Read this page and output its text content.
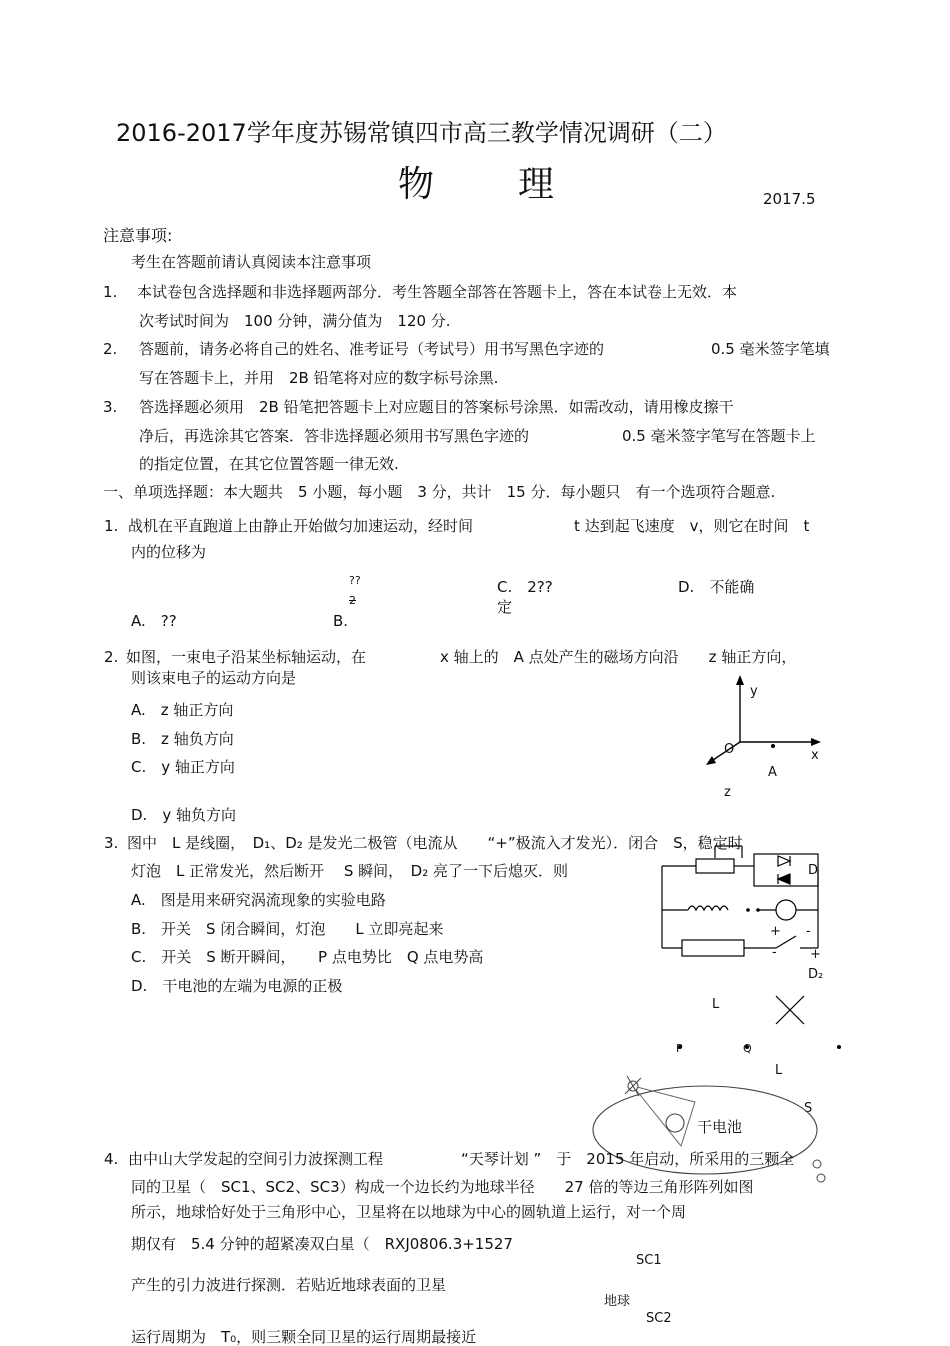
2016-2017学年度苏锡常镇四市高三教学情况调研（二）
物 理	2017.5
注意事项:
考生在答题前请认真阅读本注意事项
1. 本试卷包含选择题和非选择题两部分．考生答题全部答在答题卡上，答在本试卷上无效．本
次考试时间为　100 分钟，满分值为　120 分.
2. 答题前，请务必将自己的姓名、准考证号（考试号）用书写黑色字迹的	0.5 毫米签字笔填
写在答题卡上，并用　2B 铅笔将对应的数字标号涂黑.
3. 答选择题必须用　2B 铅笔把答题卡上对应题目的答案标号涂黑．如需改动，请用橡皮擦干
净后，再选涂其它答案．答非选择题必须用书写黑色字迹的	0.5 毫米签字笔写在答题卡上
的指定位置，在其它位置答题一律无效.
一、单项选择题：本大题共　5 小题，每小题　3 分，共计　15 分．每小题只　有一个选项符合题意.
1. 战机在平直跑道上由静止开始做匀加速运动，经时间	t 达到起飞速度　v，则它在时间　t
内的位移为
??
2
C.　2??
定
D.　不能确
A.　??	B.
2. 如图，一束电子沿某坐标轴运动，在	x 轴上的　A 点处产生的磁场方向沿　　z 轴正方向，
则该束电子的运动方向是
A.　z 轴正方向
B.　z 轴负方向
C.　y 轴正方向
D.　y 轴负方向
y
O	x
A
z
3. 图中　L 是线圈，　D₁、D₂ 是发光二极管（电流从　　“+”极流入才发光）．闭合　S，稳定时
灯泡　L 正常发光，然后断开　 S 瞬间，　D₂ 亮了一下后熄灭．则
A.　图是用来研究涡流现象的实验电路
B.　开关　S 闭合瞬间，灯泡　　L 立即亮起来
C.　开关　S 断开瞬间，　　P 点电势比　Q 点电势高
D.　干电池的左端为电源的正极
D
+ -
-	+
D₂
L
P	Q
L
S
干电池
4. 由中山大学发起的空间引力波探测工程	“天琴计划 ”　于　2015 年启动，所采用的三颗全
同的卫星（　SC1、SC2、SC3）构成一个边长约为地球半径　　27 倍的等边三角形阵列如图
所示，地球恰好处于三角形中心，卫星将在以地球为中心的圆轨道上运行，对一个周
期仅有　5.4 分钟的超紧凑双白星（　RXJ0806.3+1527
SC1
产生的引力波进行探测．若贴近地球表面的卫星
地球
SC2
运行周期为　T₀，则三颗全同卫星的运行周期最接近
